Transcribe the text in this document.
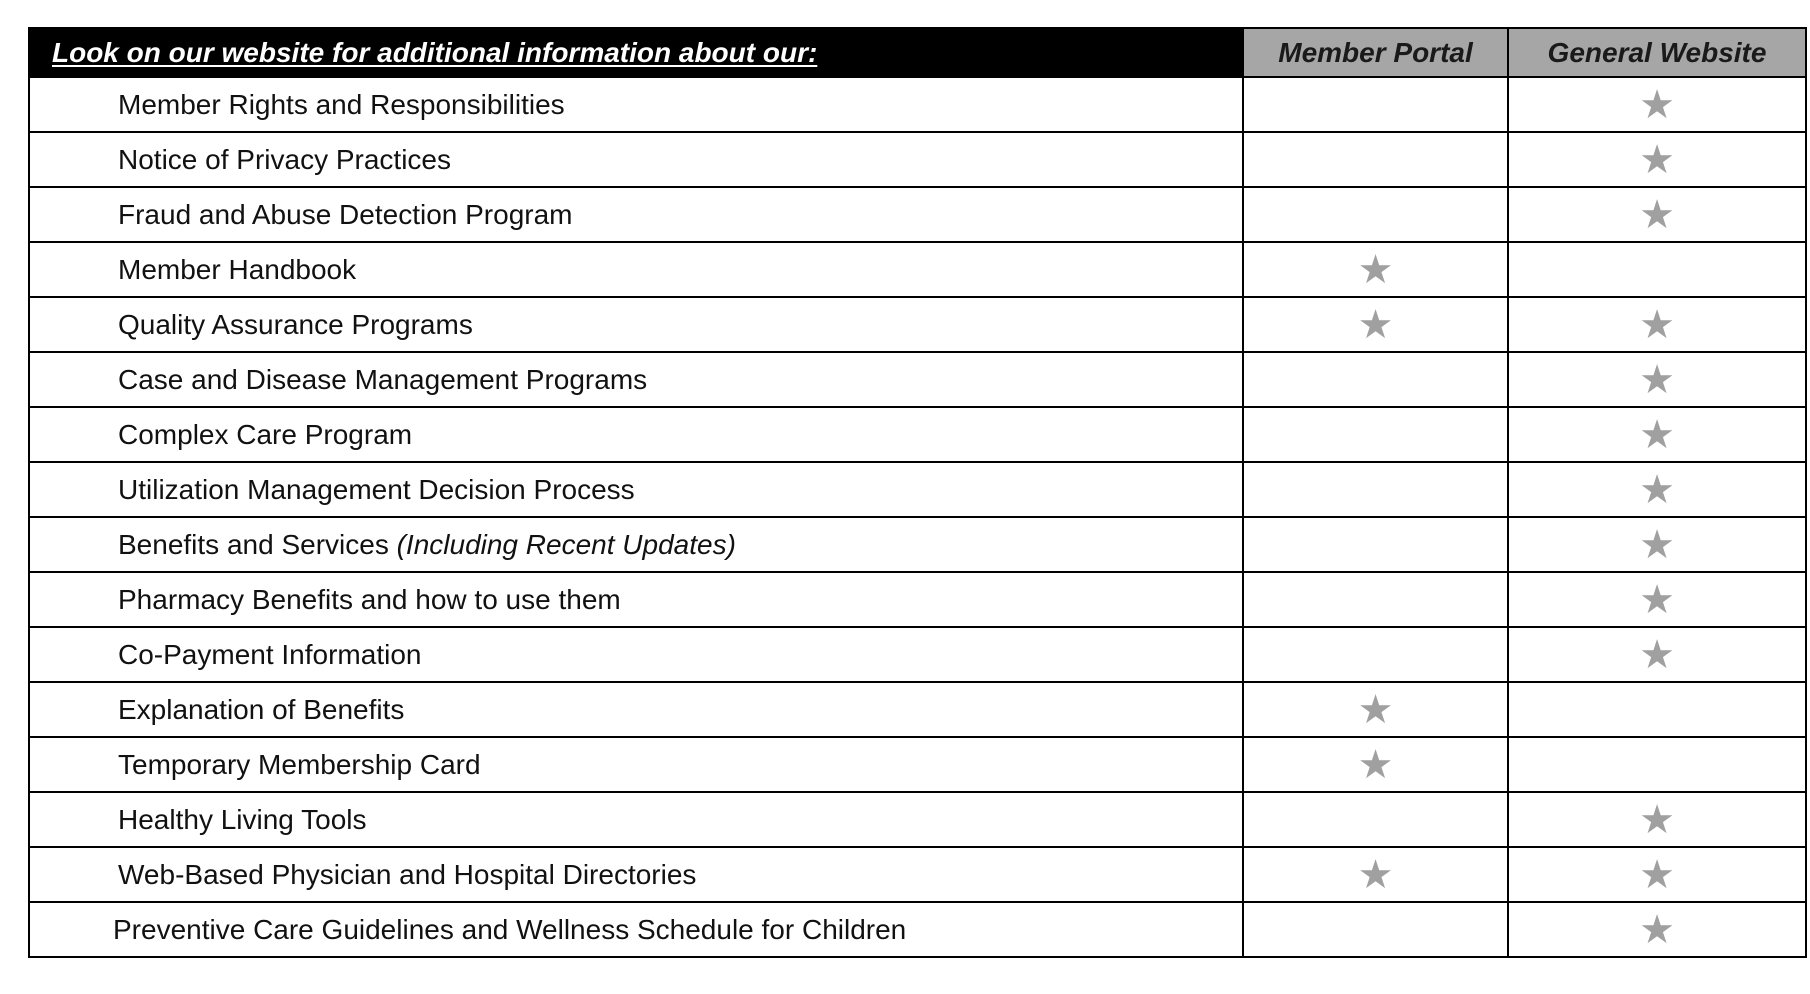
Look on our website for additional information about our:	Member Portal	General Website
Member Rights and Responsibilities		★
Notice of Privacy Practices		★
Fraud and Abuse Detection Program		★
Member Handbook	★	
Quality Assurance Programs	★	★
Case and Disease Management Programs		★
Complex Care Program		★
Utilization Management Decision Process		★
Benefits and Services (Including Recent Updates)		★
Pharmacy Benefits and how to use them		★
Co-Payment Information		★
Explanation of Benefits	★	
Temporary Membership Card	★	
Healthy Living Tools		★
Web-Based Physician and Hospital Directories	★	★
Preventive Care Guidelines and Wellness Schedule for Children		★
